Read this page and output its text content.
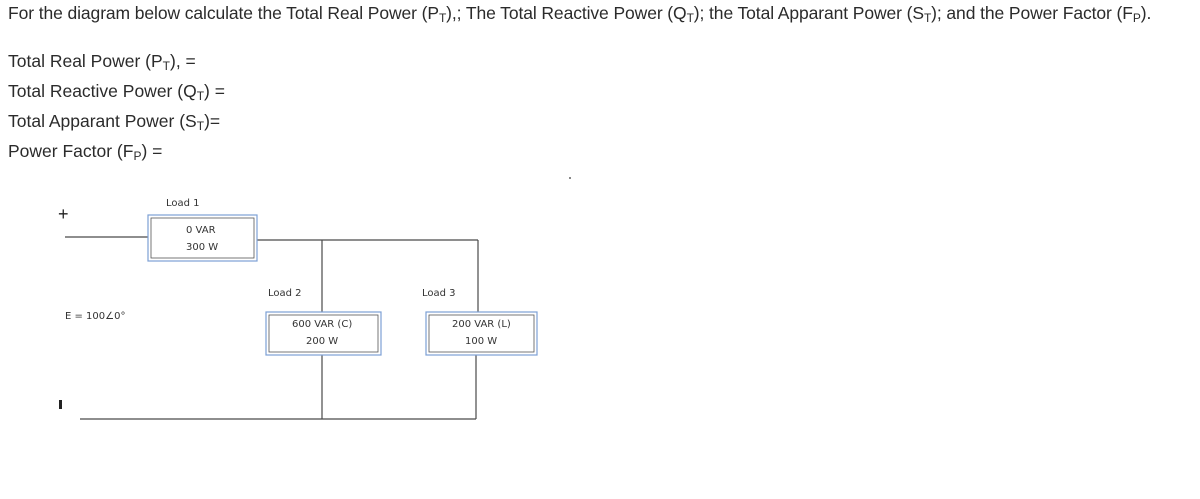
For the diagram below calculate the Total Real Power $(P_T)$,; The Total Reactive Power $(Q_T)$; the Total Apparant Power $(S_T)$; and the Power Factor $(F_P)$.
Total Real Power $(P_T)$, =
Total Reactive Power $(Q_T)$ =
Total Apparant Power $(S_T)=$
Power Factor $(F_P)$ =
+
E = 100∠0°
Load 1
0 VAR
300 W
Load 2
600 VAR (C)
200 W
Load 3
200 VAR (L)
100 W
